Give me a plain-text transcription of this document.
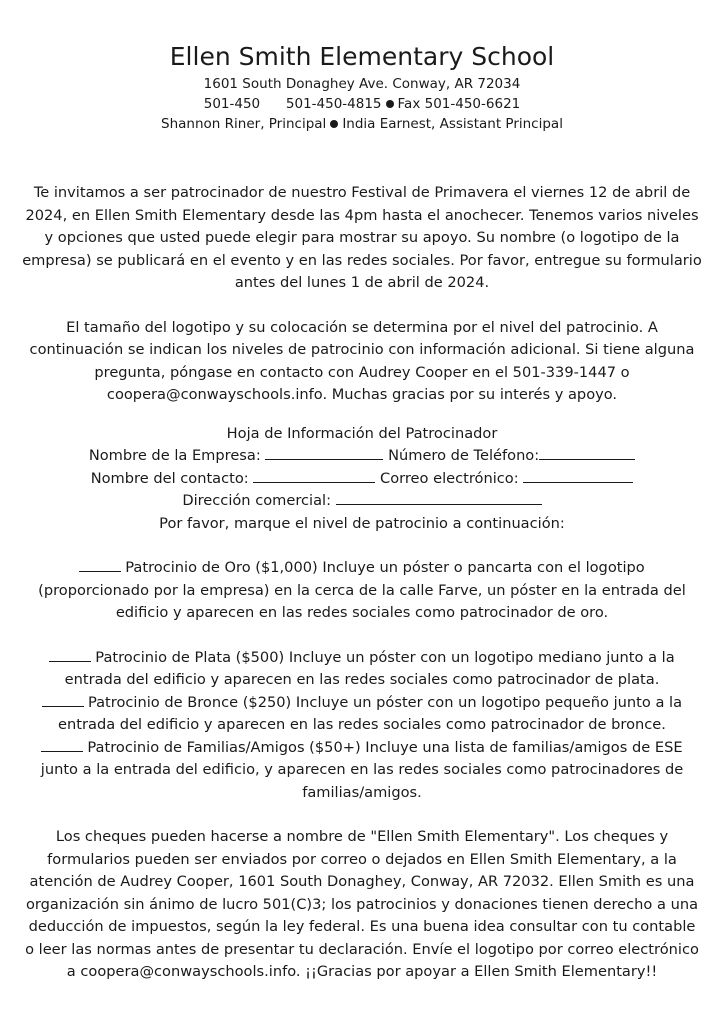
Ellen Smith Elementary School

1601 South Donaghey Ave. Conway, AR 72034

501-450 501-450-4815 Fax 501-450-6621

Shannon Riner, Principal India Earnest, Assistant Principal

Te invitamos a ser patrocinador de nuestro Festival de Primavera el viernes 12 de abril de 2024, en Ellen Smith Elementary desde las 4pm hasta el anochecer. Tenemos varios niveles y opciones que usted puede elegir para mostrar su apoyo. Su nombre (o logotipo de la empresa) se publicará en el evento y en las redes sociales. Por favor, entregue su formulario antes del lunes 1 de abril de 2024.

El tamaño del logotipo y su colocación se determina por el nivel del patrocinio. A continuación se indican los niveles de patrocinio con información adicional. Si tiene alguna pregunta, póngase en contacto con Audrey Cooper en el 501-339-1447 o coopera@conwayschools.info. Muchas gracias por su interés y apoyo.

Hoja de Información del Patrocinador

Nombre de la Empresa:	Número de Teléfono:

Nombre del contacto:	Correo electrónico:

Dirección comercial:

Por favor, marque el nivel de patrocinio a continuación:

Patrocinio de Oro ($1,000) Incluye un póster o pancarta con el logotipo (proporcionado por la empresa) en la cerca de la calle Farve, un póster en la entrada del edificio y aparecen en las redes sociales como patrocinador de oro.

Patrocinio de Plata ($500) Incluye un póster con un logotipo mediano junto a la entrada del edificio y aparecen en las redes sociales como patrocinador de plata.

Patrocinio de Bronce ($250) Incluye un póster con un logotipo pequeño junto a la entrada del edificio y aparecen en las redes sociales como patrocinador de bronce.

Patrocinio de Familias/Amigos ($50+) Incluye una lista de familias/amigos de ESE junto a la entrada del edificio, y aparecen en las redes sociales como patrocinadores de familias/amigos.

Los cheques pueden hacerse a nombre de "Ellen Smith Elementary". Los cheques y formularios pueden ser enviados por correo o dejados en Ellen Smith Elementary, a la atención de Audrey Cooper, 1601 South Donaghey, Conway, AR 72032. Ellen Smith es una organización sin ánimo de lucro 501(C)3; los patrocinios y donaciones tienen derecho a una deducción de impuestos, según la ley federal. Es una buena idea consultar con tu contable o leer las normas antes de presentar tu declaración. Envíe el logotipo por correo electrónico a coopera@conwayschools.info. ¡¡Gracias por apoyar a Ellen Smith Elementary!!
